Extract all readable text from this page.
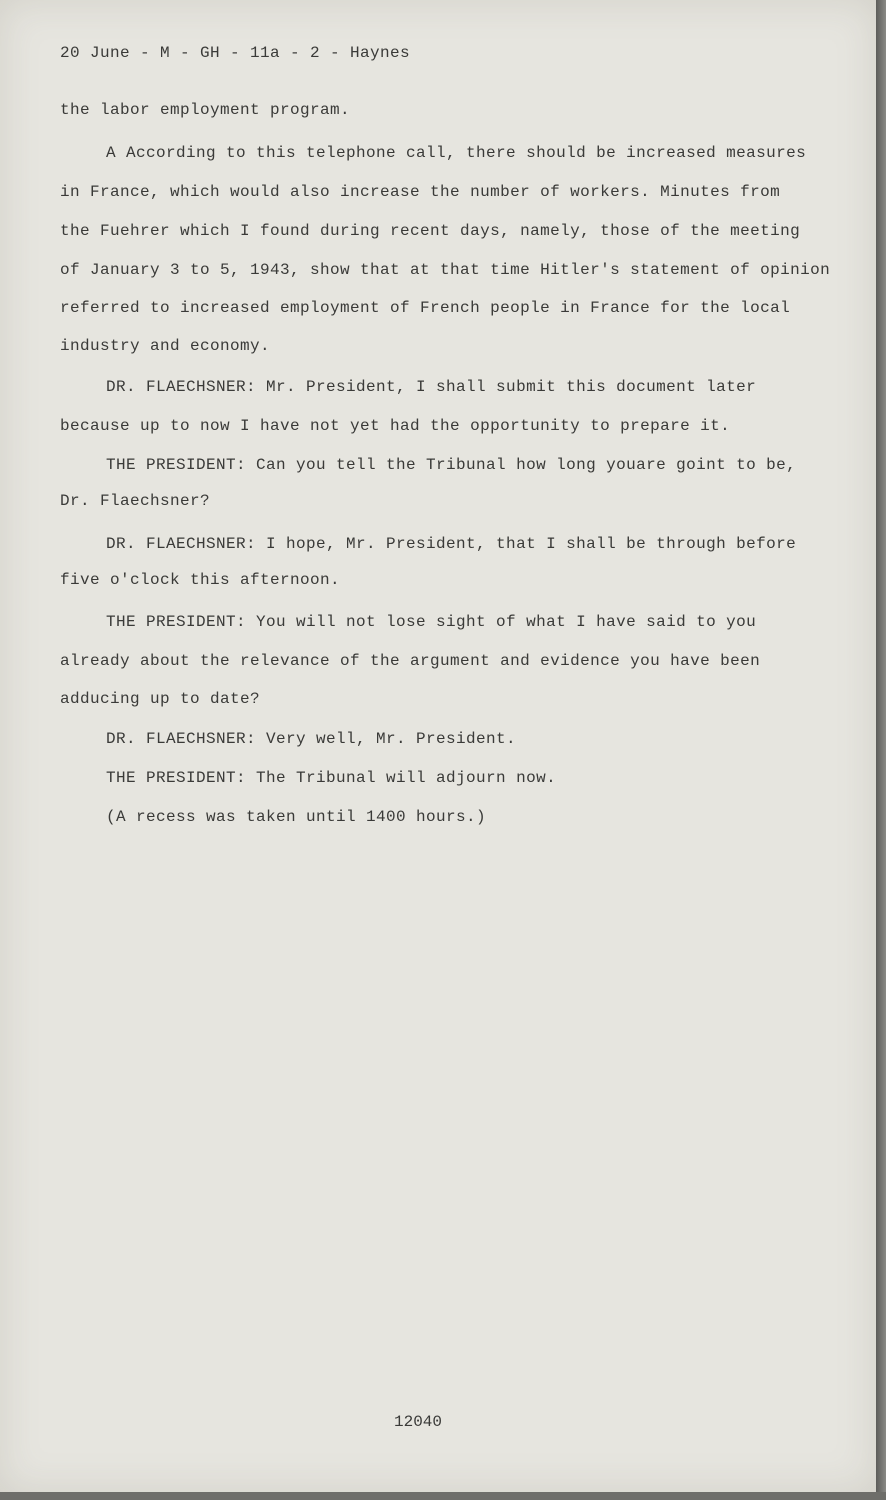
20 June - M - GH - 11a - 2 - Haynes
the labor employment program.
A According to this telephone call, there should be increased measures
in France, which would also increase the number of workers. Minutes from
the Fuehrer which I found during recent days, namely, those of the meeting
of January 3 to 5, 1943, show that at that time Hitler's statement of opinion
referred to increased employment of French people in France for the local
industry and economy.
DR. FLAECHSNER: Mr. President, I shall submit this document later
because up to now I have not yet had the opportunity to prepare it.
THE PRESIDENT: Can you tell the Tribunal how long youare goint to be,
Dr. Flaechsner?
DR. FLAECHSNER: I hope, Mr. President, that I shall be through before
five o'clock this afternoon.
THE PRESIDENT: You will not lose sight of what I have said to you
already about the relevance of the argument and evidence you have been
adducing up to date?
DR. FLAECHSNER: Very well, Mr. President.
THE PRESIDENT: The Tribunal will adjourn now.
(A recess was taken until 1400 hours.)
12040
